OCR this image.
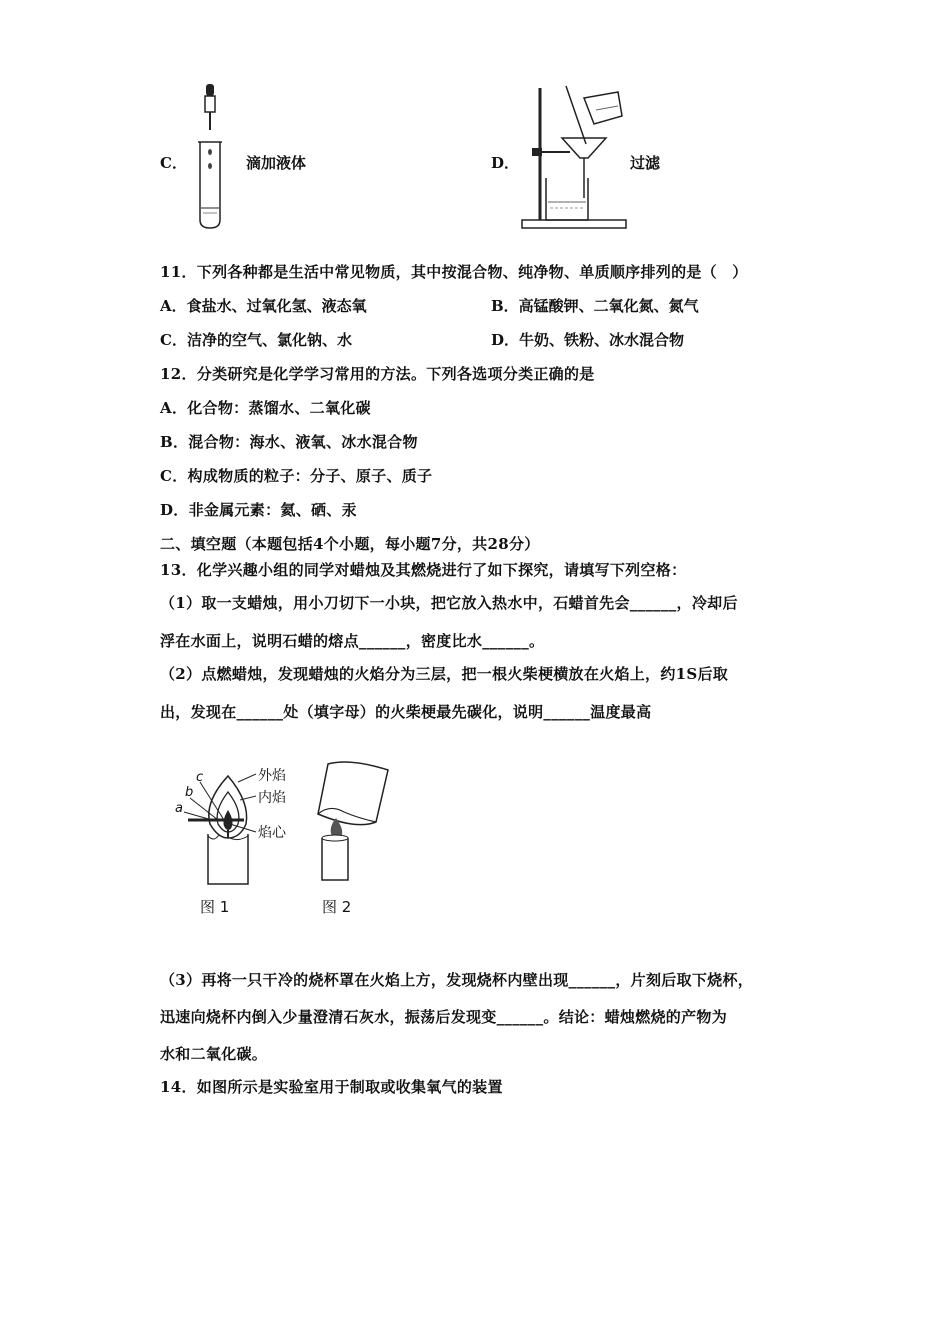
C．	滴加液体	D．	过滤
11．下列各种都是生活中常见物质，其中按混合物、纯净物、单质顺序排列的是（　）
A．食盐水、过氧化氢、液态氧	B．高锰酸钾、二氧化氮、氮气
C．洁净的空气、氯化钠、水	D．牛奶、铁粉、冰水混合物
12．分类研究是化学学习常用的方法。下列各选项分类正确的是
A．化合物：蒸馏水、二氧化碳
B．混合物：海水、液氧、冰水混合物
C．构成物质的粒子：分子、原子、质子
D．非金属元素：氦、硒、汞
二、填空题（本题包括4个小题，每小题7分，共28分）
13．化学兴趣小组的同学对蜡烛及其燃烧进行了如下探究，请填写下列空格：
（1）取一支蜡烛，用小刀切下一小块，把它放入热水中，石蜡首先会______，冷却后
浮在水面上，说明石蜡的熔点______，密度比水______。
（2）点燃蜡烛，发现蜡烛的火焰分为三层，把一根火柴梗横放在火焰上，约1S后取
出，发现在______处（填字母）的火柴梗最先碳化，说明______温度最高
c
b
a
外焰
内焰
焰心
图 1	图 2
（3）再将一只干冷的烧杯罩在火焰上方，发现烧杯内壁出现______，片刻后取下烧杯，
迅速向烧杯内倒入少量澄清石灰水，振荡后发现变______。结论：蜡烛燃烧的产物为
水和二氧化碳。
14．如图所示是实验室用于制取或收集氧气的装置
